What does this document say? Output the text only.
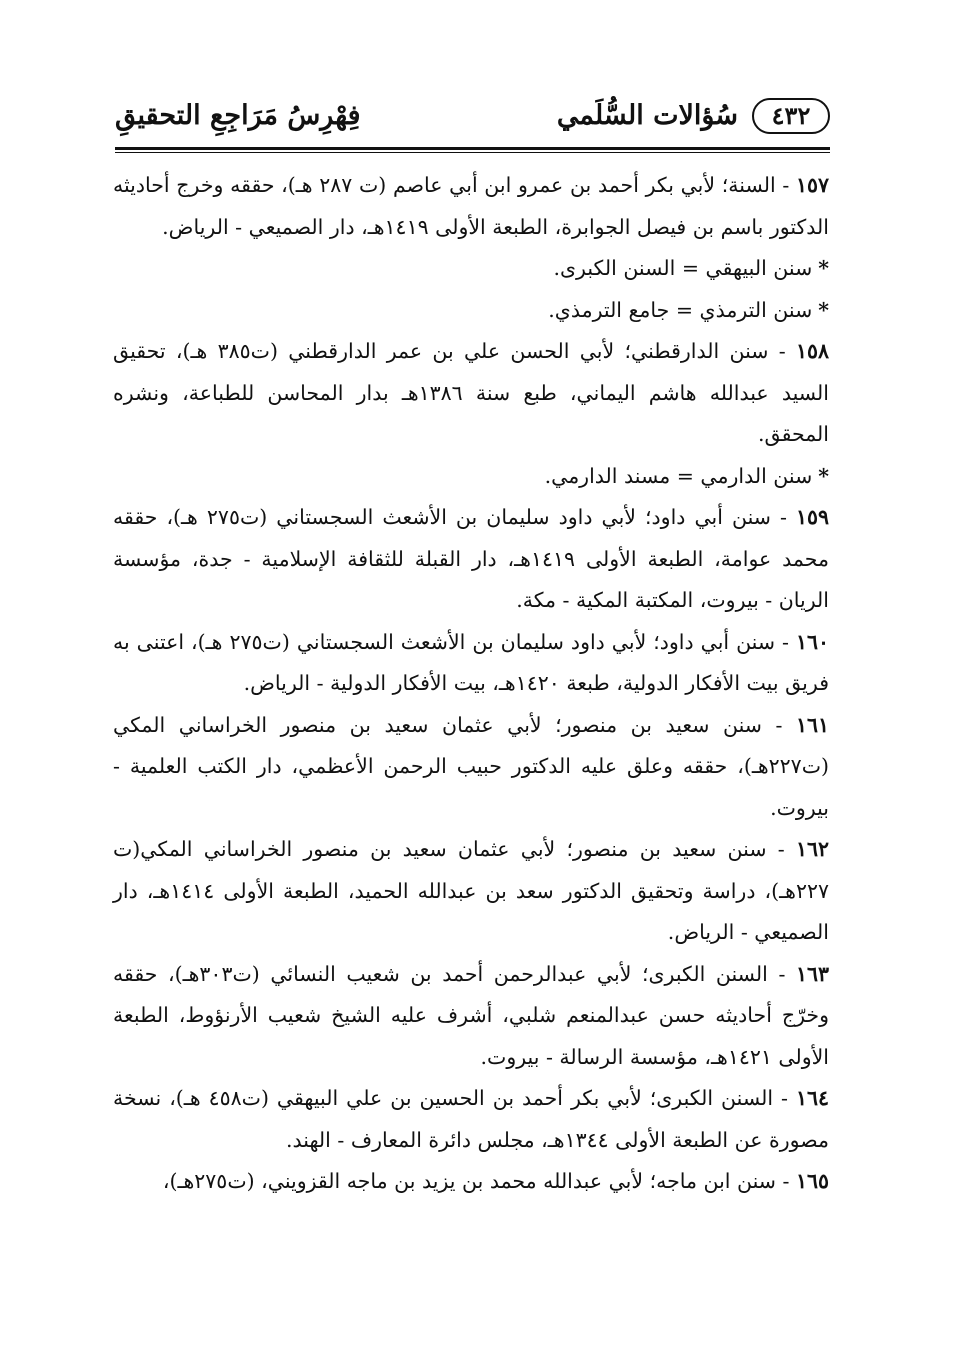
٤٣٢
سُؤالات السُّلَمي
فِهْرِسُ مَرَاجِعِ التحقيقِ
١٥٧ - السنة؛ لأبي بكر أحمد بن عمرو ابن أبي عاصم (ت ٢٨٧ هـ)، حققه وخرج أحاديثه الدكتور باسم بن فيصل الجوابرة، الطبعة الأولى ١٤١٩هـ، دار الصميعي - الرياض.
*سنن البيهقي = السنن الكبرى.
*سنن الترمذي = جامع الترمذي.
١٥٨ - سنن الدارقطني؛ لأبي الحسن علي بن عمر الدارقطني (ت٣٨٥ هـ)، تحقيق السيد عبدالله هاشم اليماني، طبع سنة ١٣٨٦هـ بدار المحاسن للطباعة، ونشره المحقق.
*سنن الدارمي = مسند الدارمي.
١٥٩ - سنن أبي داود؛ لأبي داود سليمان بن الأشعث السجستاني (ت٢٧٥ هـ)، حققه محمد عوامة، الطبعة الأولى ١٤١٩هـ، دار القبلة للثقافة الإسلامية - جدة، مؤسسة الريان - بيروت، المكتبة المكية - مكة.
١٦٠ - سنن أبي داود؛ لأبي داود سليمان بن الأشعث السجستاني (ت٢٧٥ هـ)، اعتنى به فريق بيت الأفكار الدولية، طبعة ١٤٢٠هـ، بيت الأفكار الدولية - الرياض.
١٦١ - سنن سعيد بن منصور؛ لأبي عثمان سعيد بن منصور الخراساني المكي (ت٢٢٧هـ)، حققه وعلق عليه الدكتور حبيب الرحمن الأعظمي، دار الكتب العلمية - بيروت.
١٦٢ - سنن سعيد بن منصور؛ لأبي عثمان سعيد بن منصور الخراساني المكي(ت ٢٢٧هـ)، دراسة وتحقيق الدكتور سعد بن عبدالله الحميد، الطبعة الأولى ١٤١٤هـ، دار الصميعي - الرياض.
١٦٣ - السنن الكبرى؛ لأبي عبدالرحمن أحمد بن شعيب النسائي (ت٣٠٣هـ)، حققه وخرّج أحاديثه حسن عبدالمنعم شلبي، أشرف عليه الشيخ شعيب الأرنؤوط، الطبعة الأولى ١٤٢١هـ، مؤسسة الرسالة - بيروت.
١٦٤ - السنن الكبرى؛ لأبي بكر أحمد بن الحسين بن علي البيهقي (ت٤٥٨ هـ)، نسخة مصورة عن الطبعة الأولى ١٣٤٤هـ، مجلس دائرة المعارف - الهند.
١٦٥ - سنن ابن ماجه؛ لأبي عبدالله محمد بن يزيد بن ماجه القزويني، (ت٢٧٥هـ)،
